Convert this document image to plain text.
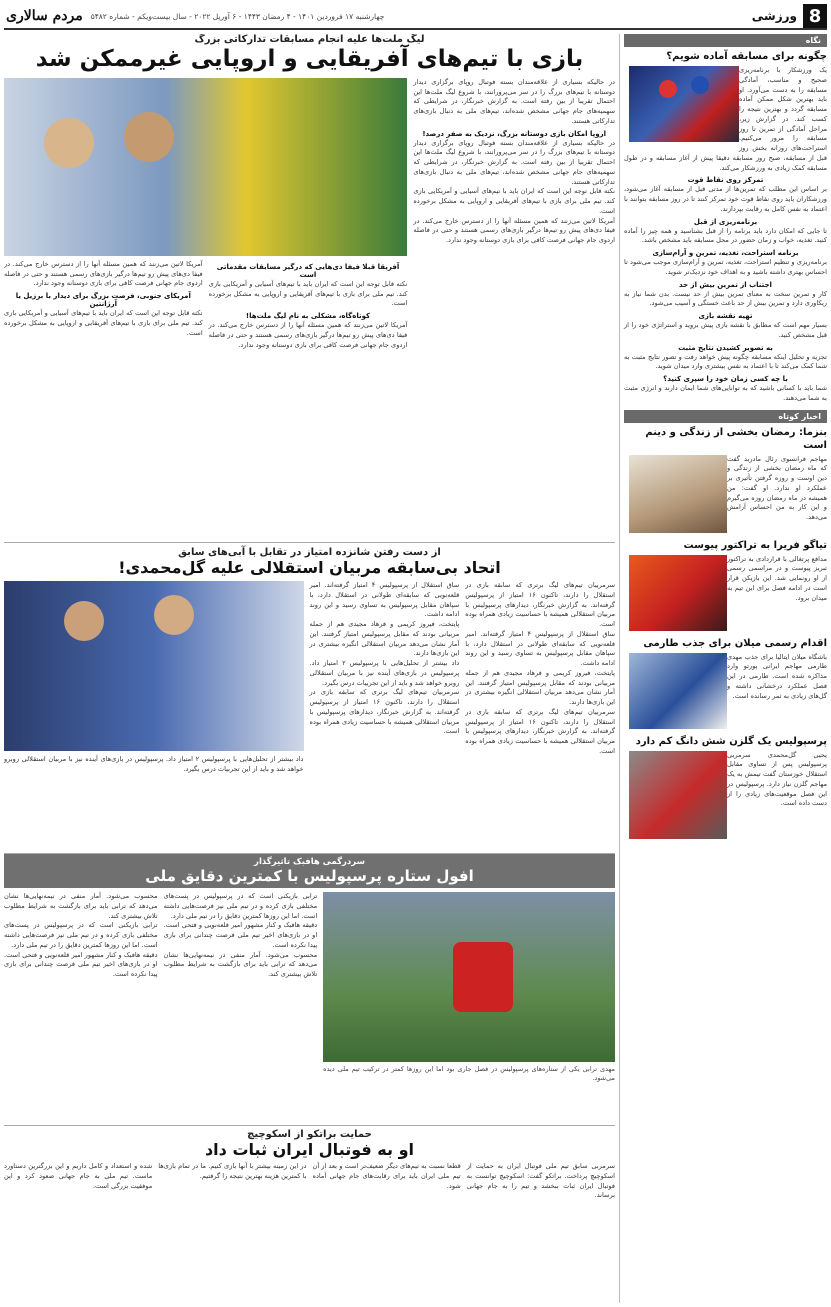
8
ورزشی
چهارشنبه ۱۷ فروردین ۱۴۰۱ - ۴ رمضان ۱۴۴۳ - ۶ آوریل ۲۰۲۲ - سال بیست‌ویکم - شماره ۵۴۸۲
مردم سالاری
نگاه
چگونه برای مسابقه آماده شویم؟

یک ورزشکار با برنامه‌ریزی صحیح و مناسب، آمادگی مسابقه را به دست می‌آورد. او باید بهترین شکل ممکن آماده مسابقه گردد و بهترین نتیجه را کسب کند. در گزارش زیر، مراحل آمادگی از تمرین تا روز مسابقه را مرور می‌کنیم. استراحت‌های روزانه بخش روز قبل از مسابقه، صبح روز مسابقه دقیقا پیش از آغاز مسابقه و در طول مسابقه کمک زیادی به ورزشکار می‌کند.

تمرکز روی نقاط قوت

بر اساس این مطلب که تمرین‌ها از مدتی قبل از مسابقه آغاز می‌شود، ورزشکاران باید روی نقاط قوت خود تمرکز کنند تا در روز مسابقه بتوانند با اعتماد به نفس کامل به رقابت بپردازند.

برنامه‌ریزی از قبل

تا جایی که امکان دارد باید برنامه را از قبل بشناسید و همه چیز را آماده کنید. تغذیه، خواب و زمان حضور در محل مسابقه باید مشخص باشد.

برنامه استراحت، تغذیه، تمرین و آرام‌سازی

برنامه‌ریزی و تنظیم استراحت، تغذیه، تمرین و آرام‌سازی موجب می‌شود تا احساس بهتری داشته باشید و به اهداف خود نزدیک‌تر شوید.

اجتناب از تمرین بیش از حد

کار و تمرین سخت به معنای تمرین بیش از حد نیست. بدن شما نیاز به ریکاوری دارد و تمرین بیش از حد باعث خستگی و آسیب می‌شود.

تهیه نقشه بازی

بسیار مهم است که مطابق با نقشه بازی پیش بروید و استراتژی خود را از قبل مشخص کنید.

به تصویر کشیدن نتایج مثبت

تجزیه و تحلیل اینکه مسابقه چگونه پیش خواهد رفت و تصور نتایج مثبت به شما کمک می‌کند تا با اعتماد به نفس بیشتری وارد میدان شوید.

با چه کسی زمان خود را سپری کنید؟

شما باید با کسانی باشید که به توانایی‌های شما ایمان دارند و انرژی مثبت به شما می‌دهند.

اخبار کوتاه
بنزما: رمضان بخشی از زندگی و دینم است

مهاجم فرانسوی رئال مادرید گفت که ماه رمضان بخشی از زندگی و دین اوست و روزه گرفتن تأثیری بر عملکرد او ندارد. او گفت: من همیشه در ماه رمضان روزه می‌گیرم و این کار به من احساس آرامش می‌دهد.

تیاگو فریرا به تراکتور پیوست

مدافع پرتغالی با قراردادی به تراکتور تبریز پیوست و در مراسمی رسمی از او رونمایی شد. این بازیکن قرار است در ادامه فصل برای این تیم به میدان برود.

اقدام رسمی میلان برای جذب طارمی

باشگاه میلان ایتالیا برای جذب مهدی طارمی مهاجم ایرانی پورتو وارد مذاکره شده است. طارمی در این فصل عملکرد درخشانی داشته و گل‌های زیادی به ثمر رسانده است.

پرسپولیس یک گلزن شش دانگ کم دارد

یحیی گل‌محمدی سرمربی پرسپولیس پس از تساوی مقابل استقلال خوزستان گفت تیمش به یک مهاجم گلزن نیاز دارد. پرسپولیس در این فصل موقعیت‌های زیادی را از دست داده است.

لیگ ملت‌ها علیه انجام مسابقات تدارکاتی بزرگ
بازی با تیم‌های آفریقایی و اروپایی غیرممکن شد

در حالیکه بسیاری از علاقه‌مندان بسته فوتبال روپای برگزاری دیدار دوستانه با تیم‌های بزرگ را در سر می‌پرورانند، با شروع لیگ ملت‌ها این احتمال تقریبا از بین رفته است. به گزارش خبرنگار، در شرایطی که سهمیه‌های جام جهانی مشخص شده‌اند، تیم‌های ملی به دنبال بازی‌های تدارکاتی هستند.

اروپا امکان بازی دوستانه بزرگ، نزدیک به صفر درصد!

در حالیکه بسیاری از علاقه‌مندان بسته فوتبال روپای برگزاری دیدار دوستانه با تیم‌های بزرگ را در سر می‌پرورانند، با شروع لیگ ملت‌ها این احتمال تقریبا از بین رفته است. به گزارش خبرنگار، در شرایطی که سهمیه‌های جام جهانی مشخص شده‌اند، تیم‌های ملی به دنبال بازی‌های تدارکاتی هستند.

نکته قابل توجه این است که ایران باید با تیم‌های آسیایی و آمریکایی بازی کند. تیم ملی برای بازی با تیم‌های آفریقایی و اروپایی به مشکل برخورده است.

آمریکا لاتین می‌زنند که همین مسئله آنها را از دسترس خارج می‌کند. در فیفا دی‌های پیش رو تیم‌ها درگیر بازی‌های رسمی هستند و حتی در فاصله اردوی جام جهانی فرصت کافی برای بازی دوستانه وجود ندارد.

آفریقا قبلا فیفا دی‌هایی که درگیر مسابقات مقدماتی است

نکته قابل توجه این است که ایران باید با تیم‌های آسیایی و آمریکایی بازی کند. تیم ملی برای بازی با تیم‌های آفریقایی و اروپایی به مشکل برخورده است.

کوتاه‌گاه، مشکلی به نام لیگ ملت‌ها!

آمریکا لاتین می‌زنند که همین مسئله آنها را از دسترس خارج می‌کند. در فیفا دی‌های پیش رو تیم‌ها درگیر بازی‌های رسمی هستند و حتی در فاصله اردوی جام جهانی فرصت کافی برای بازی دوستانه وجود ندارد.

آمریکا لاتین می‌زنند که همین مسئله آنها را از دسترس خارج می‌کند. در فیفا دی‌های پیش رو تیم‌ها درگیر بازی‌های رسمی هستند و حتی در فاصله اردوی جام جهانی فرصت کافی برای بازی دوستانه وجود ندارد.

آمریکای جنوبی، فرصت بزرگ برای دیدار با برزیل یا آرژانتین

نکته قابل توجه این است که ایران باید با تیم‌های آسیایی و آمریکایی بازی کند. تیم ملی برای بازی با تیم‌های آفریقایی و اروپایی به مشکل برخورده است.

از دست رفتن شانزده امتیاز در تقابل با آبی‌های سابق
اتحاد بی‌سابقه مربیان استقلالی علیه گل‌محمدی!

سرمربیان تیم‌های لیگ برتری که سابقه بازی در استقلال را دارند، تاکنون ۱۶ امتیاز از پرسپولیس گرفته‌اند. به گزارش خبرنگار، دیدارهای پرسپولیس با مربیان استقلالی همیشه با حساسیت زیادی همراه بوده است.

ساق استقلال از پرسپولیس ۴ امتیاز گرفته‌اند. امیر قلعه‌نویی که سابقه‌ای طولانی در استقلال دارد، با سپاهان مقابل پرسپولیس به تساوی رسید و این روند ادامه داشت.

پایتخت، فیروز کریمی و فرهاد مجیدی هم از جمله مربیانی بودند که مقابل پرسپولیس امتیاز گرفتند. این آمار نشان می‌دهد مربیان استقلالی انگیزه بیشتری در این بازی‌ها دارند.

سرمربیان تیم‌های لیگ برتری که سابقه بازی در استقلال را دارند، تاکنون ۱۶ امتیاز از پرسپولیس گرفته‌اند. به گزارش خبرنگار، دیدارهای پرسپولیس با مربیان استقلالی همیشه با حساسیت زیادی همراه بوده است.

ساق استقلال از پرسپولیس ۴ امتیاز گرفته‌اند. امیر قلعه‌نویی که سابقه‌ای طولانی در استقلال دارد، با سپاهان مقابل پرسپولیس به تساوی رسید و این روند ادامه داشت.

پایتخت، فیروز کریمی و فرهاد مجیدی هم از جمله مربیانی بودند که مقابل پرسپولیس امتیاز گرفتند. این آمار نشان می‌دهد مربیان استقلالی انگیزه بیشتری در این بازی‌ها دارند.

داد بیشتر از تحلیل‌هایی با پرسپولیس ۲ امتیاز داد. پرسپولیس در بازی‌های آینده نیز با مربیان استقلالی روبرو خواهد شد و باید از این تجربیات درس بگیرد.

سرمربیان تیم‌های لیگ برتری که سابقه بازی در استقلال را دارند، تاکنون ۱۶ امتیاز از پرسپولیس گرفته‌اند. به گزارش خبرنگار، دیدارهای پرسپولیس با مربیان استقلالی همیشه با حساسیت زیادی همراه بوده است.

داد بیشتر از تحلیل‌هایی با پرسپولیس ۲ امتیاز داد. پرسپولیس در بازی‌های آینده نیز با مربیان استقلالی روبرو خواهد شد و باید از این تجربیات درس بگیرد.

سردرگمی هافبک تاثیرگذار
افول ستاره پرسپولیس با کمترین دقایق ملی

مهدی ترابی یکی از ستاره‌های پرسپولیس در فصل جاری بود اما این روزها کمتر در ترکیب تیم ملی دیده می‌شود.

ترابی بازیکنی است که در پرسپولیس در پست‌های مختلفی بازی کرده و در تیم ملی نیز فرصت‌هایی داشته است. اما این روزها کمترین دقایق را در تیم ملی دارد.

دقیقه هافبک و کنار مشهور امیر قلعه‌نویی و فتحی است. او در بازی‌های اخیر تیم ملی فرصت چندانی برای بازی پیدا نکرده است.

محسوب می‌شود. آمار منفی در نیمه‌نهایی‌ها نشان می‌دهد که ترابی باید برای بازگشت به شرایط مطلوب تلاش بیشتری کند.

محسوب می‌شود. آمار منفی در نیمه‌نهایی‌ها نشان می‌دهد که ترابی باید برای بازگشت به شرایط مطلوب تلاش بیشتری کند.

ترابی بازیکنی است که در پرسپولیس در پست‌های مختلفی بازی کرده و در تیم ملی نیز فرصت‌هایی داشته است. اما این روزها کمترین دقایق را در تیم ملی دارد.

دقیقه هافبک و کنار مشهور امیر قلعه‌نویی و فتحی است. او در بازی‌های اخیر تیم ملی فرصت چندانی برای بازی پیدا نکرده است.

حمایت براتکو از اسکوچیچ
او به فوتبال ایران ثبات داد

سرمربی سابق تیم ملی فوتبال ایران به حمایت از اسکوچیچ پرداخت. براتکو گفت: اسکوچیچ توانست به فوتبال ایران ثبات ببخشد و تیم را به جام جهانی برساند.

قطعا نسبت به تیم‌های دیگر ضعیف‌تر است و بعد از آن تیم ملی ایران باید برای رقابت‌های جام جهانی آماده شود.

در این زمینه بیشتر با آنها بازی کنیم. ما در تمام بازی‌ها با کمترین هزینه بهترین نتیجه را گرفتیم.

شده و استعداد و کامل داریم و این بزرگترین دستاورد ماست. تیم ملی به جام جهانی صعود کرد و این موفقیت بزرگی است.
